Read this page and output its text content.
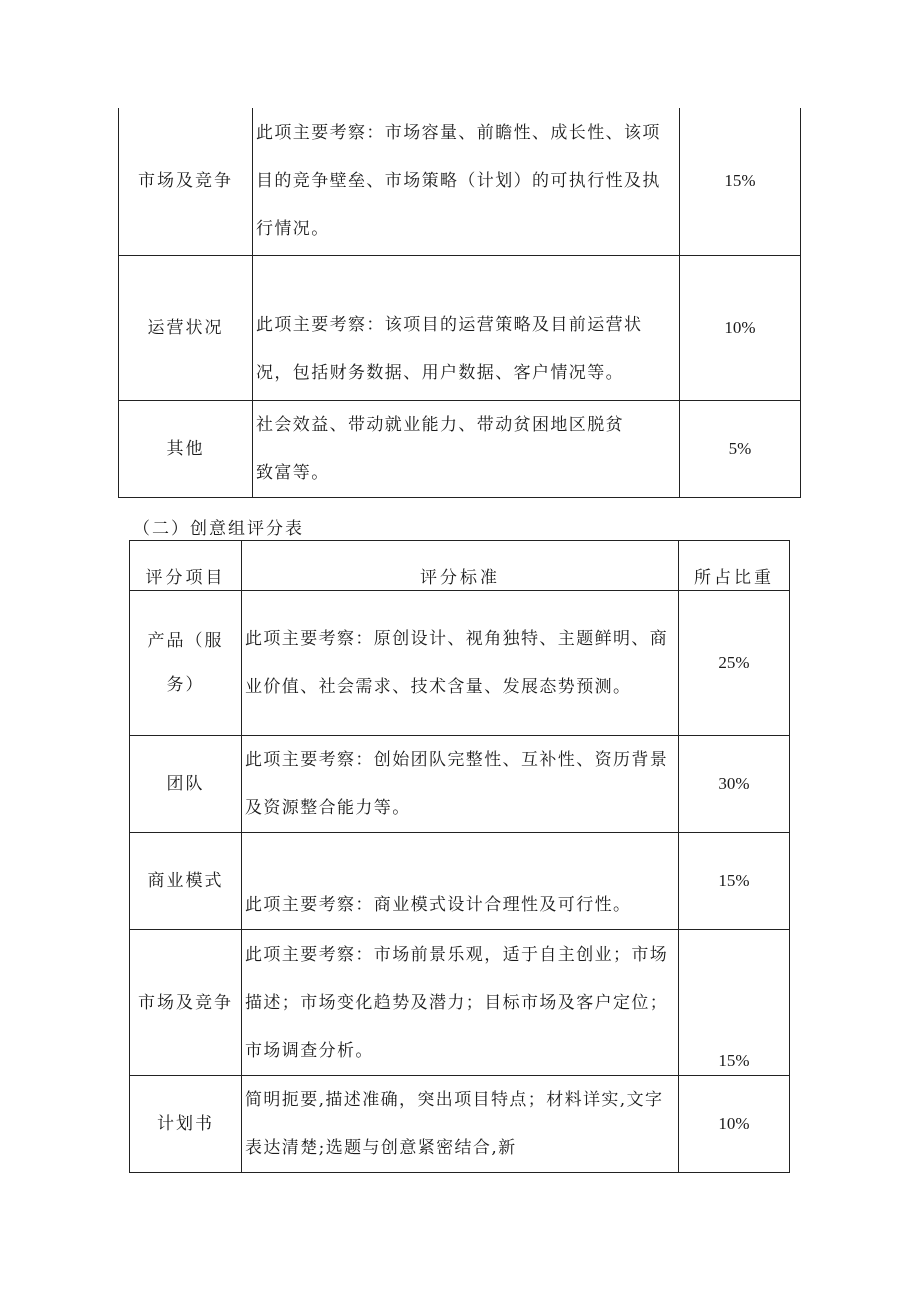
市场及竞争	此项主要考察：市场容量、前瞻性、成长性、该项目的竞争壁垒、市场策略（计划）的可执行性及执行情况。	15%
运营状况	此项主要考察：该项目的运营策略及目前运营状况，包括财务数据、用户数据、客户情况等。	10%
其他	社会效益、带动就业能力、带动贫困地区脱贫致富等。	5%
（二）创意组评分表
评分项目	评分标准	所占比重
产品（服务）	此项主要考察：原创设计、视角独特、主题鲜明、商业价值、社会需求、技术含量、发展态势预测。	25%
团队	此项主要考察：创始团队完整性、互补性、资历背景及资源整合能力等。	30%
商业模式	此项主要考察：商业模式设计合理性及可行性。	15%
市场及竞争	此项主要考察：市场前景乐观，适于自主创业；市场描述；市场变化趋势及潜力；目标市场及客户定位；市场调查分析。	15%
计划书	简明扼要,描述准确，突出项目特点；材料详实,文字表达清楚;选题与创意紧密结合,新	10%
